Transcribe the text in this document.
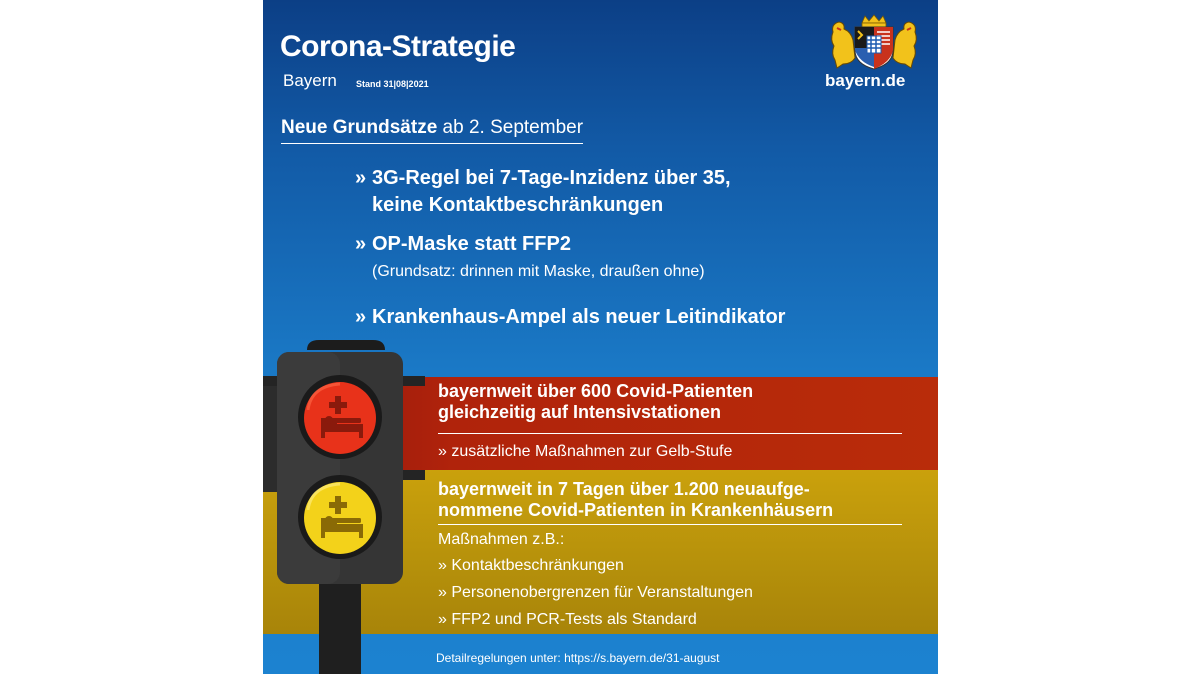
Corona-Strategie
Bayern Stand 31|08|2021	bayern.de
Neue Grundsätze ab 2. September
» 3G-Regel bei 7-Tage-Inzidenz über 35,
keine Kontaktbeschränkungen
» OP-Maske statt FFP2
(Grundsatz: drinnen mit Maske, draußen ohne)
» Krankenhaus-Ampel als neuer Leitindikator
bayernweit über 600 Covid-Patienten
gleichzeitig auf Intensivstationen
» zusätzliche Maßnahmen zur Gelb-Stufe
bayernweit in 7 Tagen über 1.200 neuaufge-
nommene Covid-Patienten in Krankenhäusern
Maßnahmen z.B.:
» Kontaktbeschränkungen
» Personenobergrenzen für Veranstaltungen
» FFP2 und PCR-Tests als Standard
Detailregelungen unter: https://s.bayern.de/31-august
